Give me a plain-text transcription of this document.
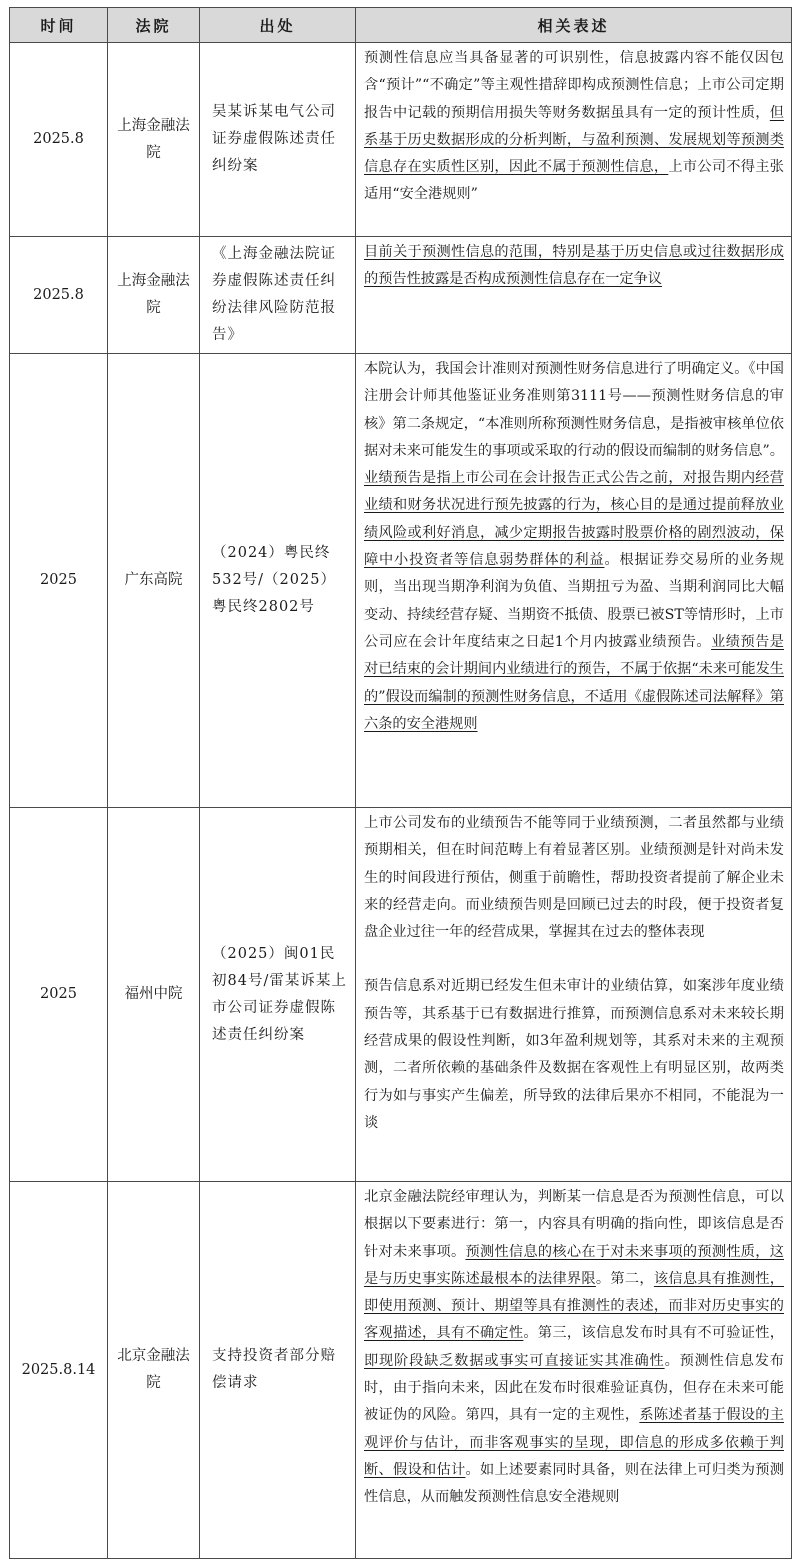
时间	法院	出处	相关表述
2025.8	上海金融法院	吴某诉某电气公司证券虚假陈述责任纠纷案	预测性信息应当具备显著的可识别性，信息披露内容不能仅因包含“预计”“不确定”等主观性措辞即构成预测性信息；上市公司定期报告中记载的预期信用损失等财务数据虽具有一定的预计性质，但系基于历史数据形成的分析判断，与盈利预测、发展规划等预测类信息存在实质性区别，因此不属于预测性信息，上市公司不得主张适用“安全港规则”

2025.8	上海金融法院	《上海金融法院证券虚假陈述责任纠纷法律风险防范报告》	目前关于预测性信息的范围，特别是基于历史信息或过往数据形成的预告性披露是否构成预测性信息存在一定争议

2025	广东高院	（2024）粤民终532号/（2025）粤民终2802号	本院认为，我国会计准则对预测性财务信息进行了明确定义。《中国注册会计师其他鉴证业务准则第3111号——预测性财务信息的审核》第二条规定，“本准则所称预测性财务信息，是指被审核单位依据对未来可能发生的事项或采取的行动的假设而编制的财务信息”。业绩预告是指上市公司在会计报告正式公告之前，对报告期内经营业绩和财务状况进行预先披露的行为，核心目的是通过提前释放业绩风险或利好消息，减少定期报告披露时股票价格的剧烈波动，保障中小投资者等信息弱势群体的利益。根据证券交易所的业务规则，当出现当期净利润为负值、当期扭亏为盈、当期利润同比大幅变动、持续经营存疑、当期资不抵债、股票已被ST等情形时，上市公司应在会计年度结束之日起1个月内披露业绩预告。业绩预告是对已结束的会计期间内业绩进行的预告，不属于依据“未来可能发生的”假设而编制的预测性财务信息，不适用《虚假陈述司法解释》第六条的安全港规则

2025	福州中院	（2025）闽01民初84号/雷某诉某上市公司证券虚假陈述责任纠纷案	上市公司发布的业绩预告不能等同于业绩预测，二者虽然都与业绩预期相关，但在时间范畴上有着显著区别。业绩预测是针对尚未发生的时间段进行预估，侧重于前瞻性，帮助投资者提前了解企业未来的经营走向。而业绩预告则是回顾已过去的时段，便于投资者复盘企业过往一年的经营成果，掌握其在过去的整体表现

预告信息系对近期已经发生但未审计的业绩估算，如案涉年度业绩预告等，其系基于已有数据进行推算，而预测信息系对未来较长期经营成果的假设性判断，如3年盈利规划等，其系对未来的主观预测，二者所依赖的基础条件及数据在客观性上有明显区别，故两类行为如与事实产生偏差，所导致的法律后果亦不相同，不能混为一谈

2025.8.14	北京金融法院	支持投资者部分赔偿请求	北京金融法院经审理认为，判断某一信息是否为预测性信息，可以根据以下要素进行：第一，内容具有明确的指向性，即该信息是否针对未来事项。预测性信息的核心在于对未来事项的预测性质，这是与历史事实陈述最根本的法律界限。第二，该信息具有推测性，即使用预测、预计、期望等具有推测性的表述，而非对历史事实的客观描述，具有不确定性。第三，该信息发布时具有不可验证性，即现阶段缺乏数据或事实可直接证实其准确性。预测性信息发布时，由于指向未来，因此在发布时很难验证真伪，但存在未来可能被证伪的风险。第四，具有一定的主观性，系陈述者基于假设的主观评价与估计，而非客观事实的呈现，即信息的形成多依赖于判断、假设和估计。如上述要素同时具备，则在法律上可归类为预测性信息，从而触发预测性信息安全港规则
